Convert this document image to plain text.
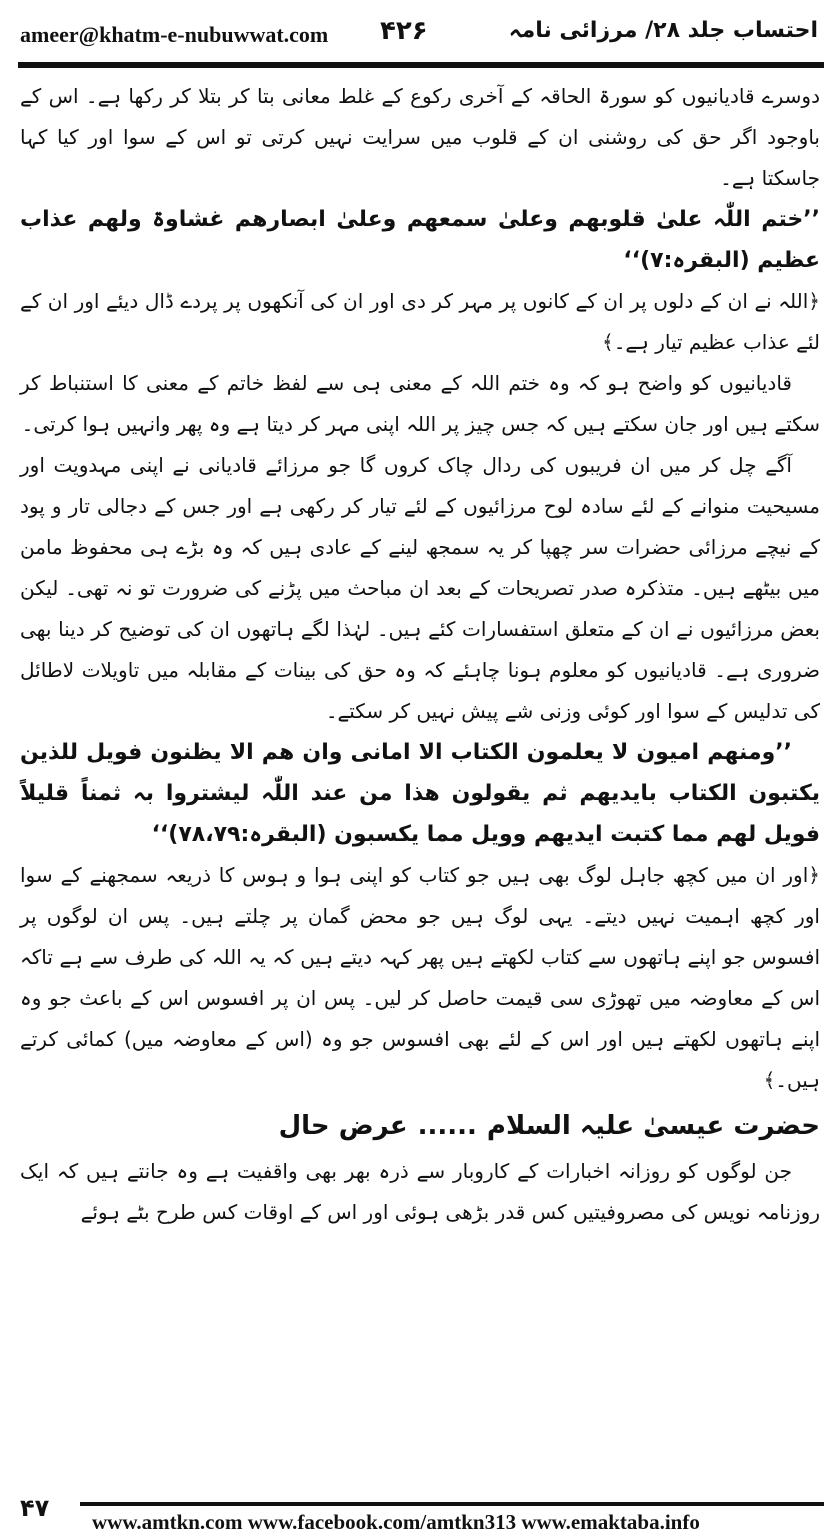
ameer@khatm-e-nubuwwat.com ۴۲۶	احتساب جلد ۲۸/ مرزائی نامہ

دوسرے قادیانیوں کو سورۃ الحاقہ کے آخری رکوع کے غلط معانی بتا کر بتلا کر رکھا ہے۔ اس کے باوجود اگر حق کی روشنی ان کے قلوب میں سرایت نہیں کرتی تو اس کے سوا اور کیا کہا جاسکتا ہے۔

’’ختم اللّٰہ علیٰ قلوبھم وعلیٰ سمعھم وعلیٰ ابصارھم غشاوۃ ولھم عذاب عظیم (البقرہ:۷)‘‘

﴿اللہ نے ان کے دلوں پر ان کے کانوں پر مہر کر دی اور ان کی آنکھوں پر پردے ڈال دیئے اور ان کے لئے عذاب عظیم تیار ہے۔﴾

قادیانیوں کو واضح ہو کہ وہ ختم اللہ کے معنی ہی سے لفظ خاتم کے معنی کا استنباط کر سکتے ہیں اور جان سکتے ہیں کہ جس چیز پر اللہ اپنی مہر کر دیتا ہے وہ پھر وانہیں ہوا کرتی۔

آگے چل کر میں ان فریبوں کی ردال چاک کروں گا جو مرزائے قادیانی نے اپنی مہدویت اور مسیحیت منوانے کے لئے سادہ لوح مرزائیوں کے لئے تیار کر رکھی ہے اور جس کے دجالی تار و پود کے نیچے مرزائی حضرات سر چھپا کر یہ سمجھ لینے کے عادی ہیں کہ وہ بڑے ہی محفوظ مامن میں بیٹھے ہیں۔ متذکرہ صدر تصریحات کے بعد ان مباحث میں پڑنے کی ضرورت تو نہ تھی۔ لیکن بعض مرزائیوں نے ان کے متعلق استفسارات کئے ہیں۔ لہٰذا لگے ہاتھوں ان کی توضیح کر دینا بھی ضروری ہے۔ قادیانیوں کو معلوم ہونا چاہئے کہ وہ حق کی بینات کے مقابلہ میں تاویلات لاطائل کی تدلیس کے سوا اور کوئی وزنی شے پیش نہیں کر سکتے۔

’’ومنھم امیون لا یعلمون الکتاب الا امانی وان ھم الا یظنون فویل للذین یکتبون الکتاب بایدیھم ثم یقولون ھذا من عند اللّٰہ لیشتروا بہ ثمناً قلیلاً فویل لھم مما کتبت ایدیھم وویل مما یکسبون (البقرہ:۷۸،۷۹)‘‘

﴿اور ان میں کچھ جاہل لوگ بھی ہیں جو کتاب کو اپنی ہوا و ہوس کا ذریعہ سمجھنے کے سوا اور کچھ اہمیت نہیں دیتے۔ یہی لوگ ہیں جو محض گمان پر چلتے ہیں۔ پس ان لوگوں پر افسوس جو اپنے ہاتھوں سے کتاب لکھتے ہیں پھر کہہ دیتے ہیں کہ یہ اللہ کی طرف سے ہے تاکہ اس کے معاوضہ میں تھوڑی سی قیمت حاصل کر لیں۔ پس ان پر افسوس اس کے باعث جو وہ اپنے ہاتھوں لکھتے ہیں اور اس کے لئے بھی افسوس جو وہ (اس کے معاوضہ میں) کمائی کرتے ہیں۔﴾

حضرت عیسیٰ علیہ السلام......عرض حال

جن لوگوں کو روزانہ اخبارات کے کاروبار سے ذرہ بھر بھی واقفیت ہے وہ جانتے ہیں کہ ایک روزنامہ نویس کی مصروفیتیں کس قدر بڑھی ہوئی اور اس کے اوقات کس طرح بٹے ہوئے

۴۷ www.amtkn.com www.facebook.com/amtkn313 www.emaktaba.info
